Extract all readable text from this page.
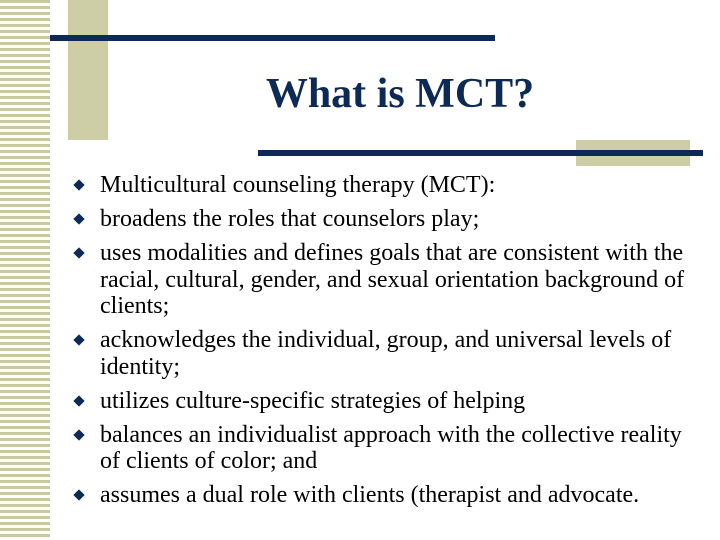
What is MCT?
Multicultural counseling therapy (MCT):
broadens the roles that counselors play;
uses modalities and defines goals that are consistent with the racial, cultural, gender, and sexual orientation background of clients;
acknowledges the individual, group, and universal levels of identity;
utilizes culture-specific strategies of helping
balances an individualist approach with the collective reality of clients of color; and
assumes a dual role with clients (therapist and advocate.
